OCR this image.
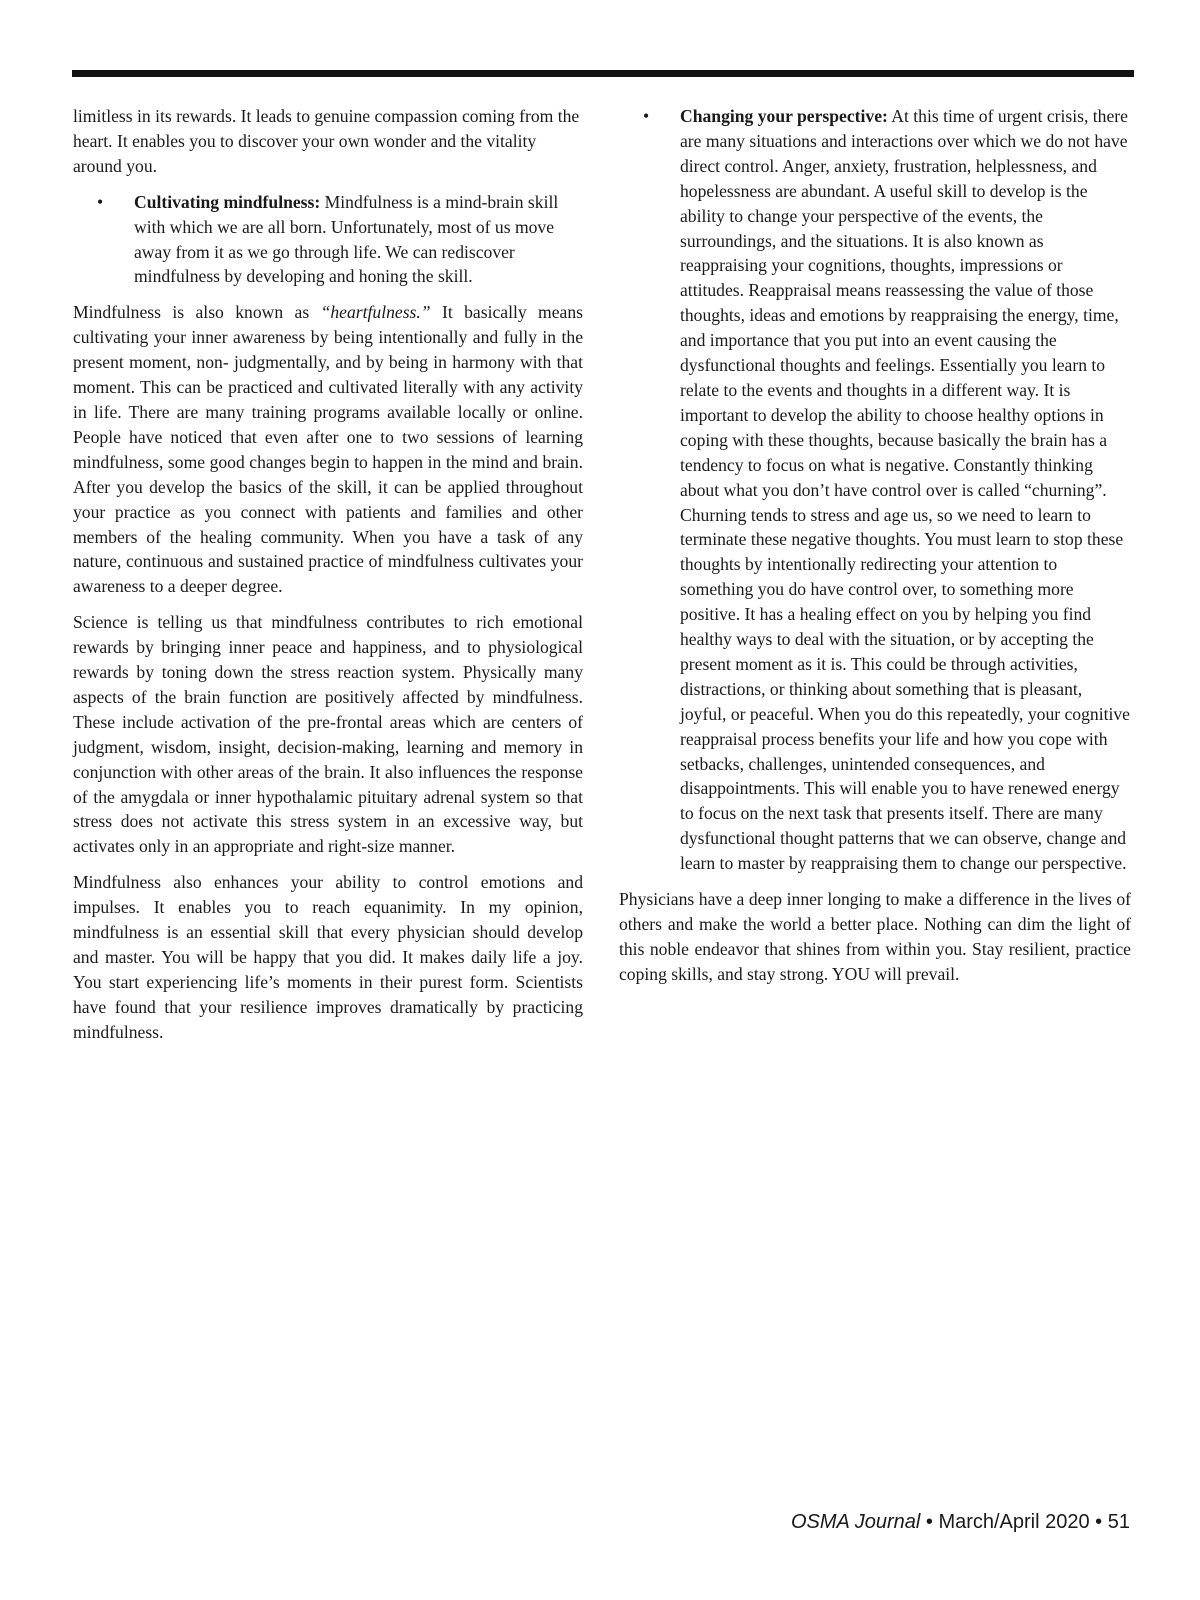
limitless in its rewards. It leads to genuine compassion coming from the heart. It enables you to discover your own wonder and the vitality around you.

• Cultivating mindfulness: Mindfulness is a mind-brain skill with which we are all born. Unfortunately, most of us move away from it as we go through life. We can rediscover mindfulness by developing and honing the skill.

Mindfulness is also known as “heartfulness.” It basically means cultivating your inner awareness by being intentionally and fully in the present moment, non- judgmentally, and by being in harmony with that moment. This can be practiced and cultivated literally with any activity in life. There are many training programs available locally or online. People have noticed that even after one to two sessions of learning mindfulness, some good changes begin to happen in the mind and brain. After you develop the basics of the skill, it can be applied throughout your practice as you connect with patients and families and other members of the healing community. When you have a task of any nature, continuous and sustained practice of mindfulness cultivates your awareness to a deeper degree.

Science is telling us that mindfulness contributes to rich emotional rewards by bringing inner peace and happiness, and to physiological rewards by toning down the stress reaction system. Physically many aspects of the brain function are positively affected by mindfulness. These include activation of the pre-frontal areas which are centers of judgment, wisdom, insight, decision-making, learning and memory in conjunction with other areas of the brain. It also influences the response of the amygdala or inner hypothalamic pituitary adrenal system so that stress does not activate this stress system in an excessive way, but activates only in an appropriate and right-size manner.

Mindfulness also enhances your ability to control emotions and impulses. It enables you to reach equanimity. In my opinion, mindfulness is an essential skill that every physician should develop and master. You will be happy that you did. It makes daily life a joy. You start experiencing life’s moments in their purest form. Scientists have found that your resilience improves dramatically by practicing mindfulness.

• Changing your perspective: At this time of urgent crisis, there are many situations and interactions over which we do not have direct control. Anger, anxiety, frustration, helplessness, and hopelessness are abundant. A useful skill to develop is the ability to change your perspective of the events, the surroundings, and the situations. It is also known as reappraising your cognitions, thoughts, impressions or attitudes. Reappraisal means reassessing the value of those thoughts, ideas and emotions by reappraising the energy, time, and importance that you put into an event causing the dysfunctional thoughts and feelings. Essentially you learn to relate to the events and thoughts in a different way. It is important to develop the ability to choose healthy options in coping with these thoughts, because basically the brain has a tendency to focus on what is negative. Constantly thinking about what you don’t have control over is called “churning”. Churning tends to stress and age us, so we need to learn to terminate these negative thoughts. You must learn to stop these thoughts by intentionally redirecting your attention to something you do have control over, to something more positive. It has a healing effect on you by helping you find healthy ways to deal with the situation, or by accepting the present moment as it is. This could be through activities, distractions, or thinking about something that is pleasant, joyful, or peaceful. When you do this repeatedly, your cognitive reappraisal process benefits your life and how you cope with setbacks, challenges, unintended consequences, and disappointments. This will enable you to have renewed energy to focus on the next task that presents itself. There are many dysfunctional thought patterns that we can observe, change and learn to master by reappraising them to change our perspective.

Physicians have a deep inner longing to make a difference in the lives of others and make the world a better place. Nothing can dim the light of this noble endeavor that shines from within you. Stay resilient, practice coping skills, and stay strong. YOU will prevail.

OSMA Journal • March/April 2020 • 51
